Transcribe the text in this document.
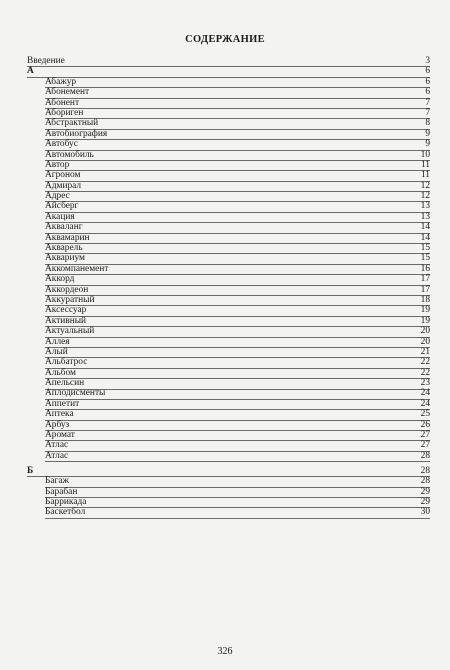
СОДЕРЖАНИЕ
Введение	3
А	6
Абажур	6
Абонемент	6
Абонент	7
Абориген	7
Абстрактный	8
Автобиография	9
Автобус	9
Автомобиль	10
Автор	11
Агроном	11
Адмирал	12
Адрес	12
Айсберг	13
Акация	13
Акваланг	14
Аквамарин	14
Акварель	15
Аквариум	15
Аккомпанемент	16
Аккорд	17
Аккордеон	17
Аккуратный	18
Аксессуар	19
Активный	19
Актуальный	20
Аллея	20
Алый	21
Альбатрос	22
Альбом	22
Апельсин	23
Аплодисменты	24
Аппетит	24
Аптека	25
Арбуз	26
Аромат	27
Атлас	27
Атлас	28
Б	28
Багаж	28
Барабан	29
Баррикада	29
Баскетбол	30
326
